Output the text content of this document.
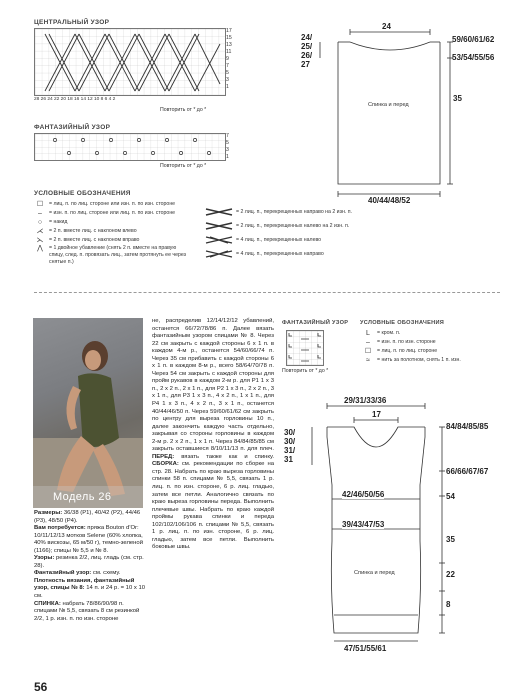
ЦЕНТРАЛЬНЫЙ УЗОР
17
15
13
11
9
7
5
3
1
28 26 24 22 20 18 16 14 12 10 8 6 4 2
Повторить от * до *
ФАНТАЗИЙНЫЙ УЗОР
7
5
3
1
Повторить от * до *
24
24/
25/
26/
27
59/60/61/62
53/54/55/56
35
Спинка и перед
40/44/48/52
УСЛОВНЫЕ ОБОЗНАЧЕНИЯ
☐	= лиц. п. по лиц. стороне или изн. п. по изн. стороне
–	= изн. п. по лиц. стороне или лиц. п. по изн. стороне
○	= накид
⋌	= 2 п. вместе лиц. с наклоном влево
⋋	= 2 п. вместе лиц. с наклоном вправо
⋀	= 1 двойное убавление (снять 2 п. вместе на правую спицу, след. п. провязать лиц., затем протянуть ее через снятые п.)
= 2 лиц. п., перекрещенных направо на 2 изн. п.
= 2 лиц. п., перекрещенных налево на 2 изн. п.
= 4 лиц. п., перекрещенных налево
= 4 лиц. п., перекрещенных направо
Модель 26
Размеры: 36/38 (P1), 40/42 (P2), 44/46 (P3), 48/50 (P4).
Вам потребуется: пряжа Bouton d'Or: 10/11/12/13 мотков Selene (60% хлопка, 40% вискозы, 65 м/50 г), темно-зеленой (1166); спицы № 5,5 и № 8.
Узоры: резинка 2/2, лиц. гладь (см. стр. 28).
Фантазийный узор: см. схему.
Плотность вязания, фантазийный узор, спицы № 8: 14 п. и 24 р. = 10 x 10 см.
СПИНКА: набрать 78/86/90/98 п. спицами № 5,5, связать 8 см резинкой 2/2, 1 р. изн. п. по изн. стороне
не, распределив 12/14/12/12 убавлений, останется 66/72/78/86 п. Далее вязать фантазийным узором спицами № 8. Через 22 см закрыть с каждой стороны 6 x 1 п. в каждом 4-м р., останется 54/60/66/74 п. Через 35 см прибавить с каждой стороны 6 x 1 п. в каждом 8-м р., всего 58/64/70/78 п. Через 54 см закрыть с каждой стороны для пройм рукавов в каждом 2-м р. для P1 1 x 3 п., 2 x 2 п., 2 x 1 п., для P2 1 x 3 п., 2 x 2 п., 3 x 1 п., для P3 1 x 3 п., 4 x 2 п., 1 x 1 п., для P4 1 x 3 п., 4 x 2 п., 3 x 1 п., останется 40/44/46/50 п. Через 59/60/61/62 см закрыть по центру для выреза горловины 10 п., далее закончить каждую часть отдельно, закрывая со стороны горловины в каждом 2-м р. 2 x 2 п., 1 x 1 п. Через 84/84/85/85 см закрыть оставшиеся 8/10/11/13 п. для плеч. ПЕРЕД: вязать также как и спинку. СБОРКА: см. рекомендации по сборке на стр. 28. Набрать по краю выреза горловины спинки 58 п. спицами № 5,5, связать 1 р. лиц. п. по изн. стороне, 6 р. лиц. гладью, затем все петли. Аналогично связать по краю выреза горловины переда. Выполнить плечевые швы. Набрать по краю каждой проймы рукава спинки и переда 102/102/106/106 п. спицами № 5,5, связать 1 р. лиц. п. по изн. стороне, 6 р. лиц. гладью, затем все петли. Выполнить боковые швы.
ФАНТАЗИЙНЫЙ УЗОР
Повторить от * до *
УСЛОВНЫЕ ОБОЗНАЧЕНИЯ
L	= кром. п.
–	= изн. п. по изн. стороне
☐	= лиц. п. по лиц. стороне
≈	= нить за полотном, снять 1 п. изн.
29/31/33/36
17
30/
30/
31/
31
84/84/85/85
66/66/67/67
54
35
22
8
42/46/50/56
39/43/47/53
Спинка и перед
47/51/55/61
56
